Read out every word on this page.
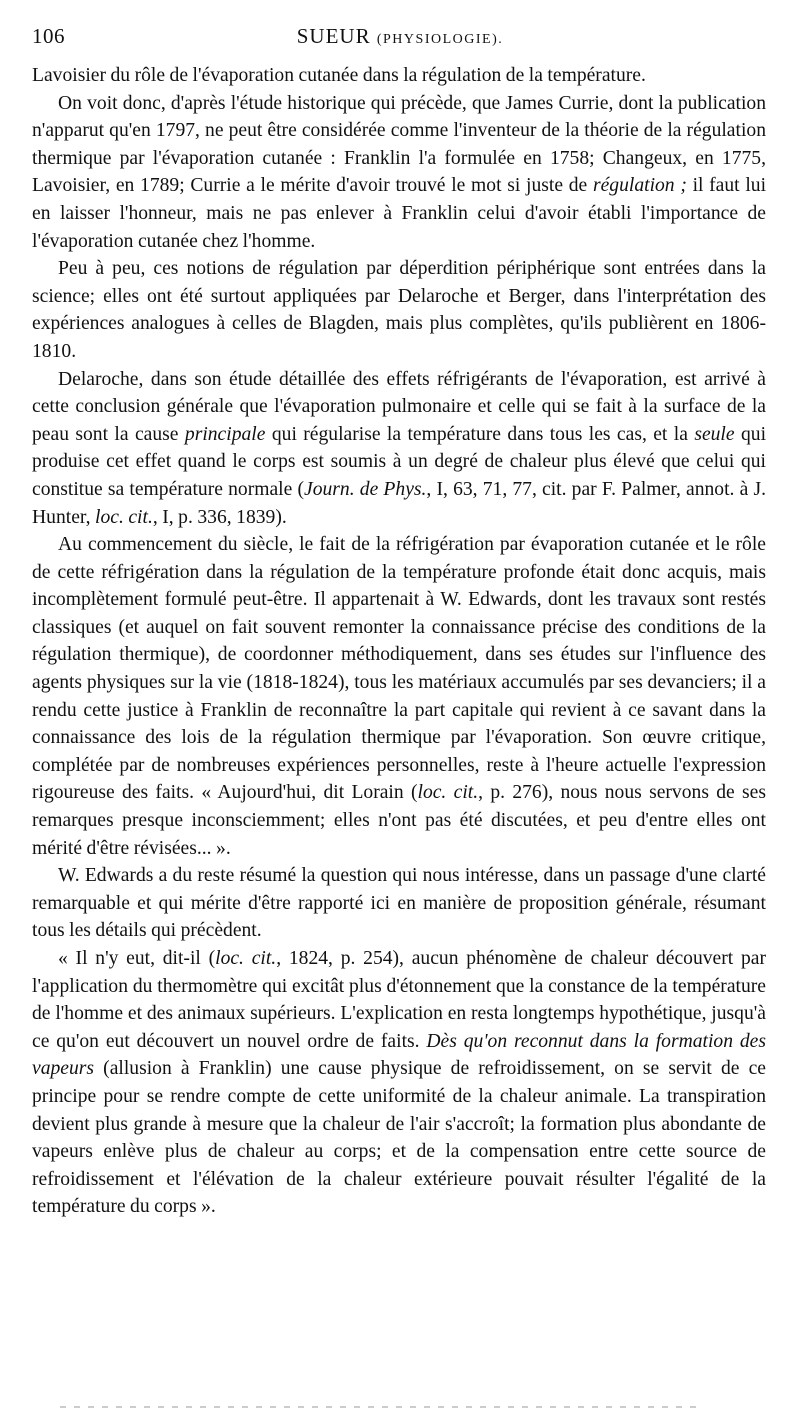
106	SUEUR (PHYSIOLOGIE).

Lavoisier du rôle de l'évaporation cutanée dans la régulation de la température.

On voit donc, d'après l'étude historique qui précède, que James Currie, dont la publication n'apparut qu'en 1797, ne peut être considérée comme l'inventeur de la théorie de la régulation thermique par l'évaporation cutanée : Franklin l'a formulée en 1758; Changeux, en 1775, Lavoisier, en 1789; Currie a le mérite d'avoir trouvé le mot si juste de régulation ; il faut lui en laisser l'honneur, mais ne pas enlever à Franklin celui d'avoir établi l'importance de l'évaporation cutanée chez l'homme.

Peu à peu, ces notions de régulation par déperdition périphérique sont entrées dans la science; elles ont été surtout appliquées par Delaroche et Berger, dans l'interprétation des expériences analogues à celles de Blagden, mais plus complètes, qu'ils publièrent en 1806-1810.

Delaroche, dans son étude détaillée des effets réfrigérants de l'évaporation, est arrivé à cette conclusion générale que l'évaporation pulmonaire et celle qui se fait à la surface de la peau sont la cause principale qui régularise la température dans tous les cas, et la seule qui produise cet effet quand le corps est soumis à un degré de chaleur plus élevé que celui qui constitue sa température normale (Journ. de Phys., I, 63, 71, 77, cit. par F. Palmer, annot. à J. Hunter, loc. cit., I, p. 336, 1839).

Au commencement du siècle, le fait de la réfrigération par évaporation cutanée et le rôle de cette réfrigération dans la régulation de la température profonde était donc acquis, mais incomplètement formulé peut-être. Il appartenait à W. Edwards, dont les travaux sont restés classiques (et auquel on fait souvent remonter la connaissance précise des conditions de la régulation thermique), de coordonner méthodiquement, dans ses études sur l'influence des agents physiques sur la vie (1818-1824), tous les matériaux accumulés par ses devanciers; il a rendu cette justice à Franklin de reconnaître la part capitale qui revient à ce savant dans la connaissance des lois de la régulation thermique par l'évaporation. Son œuvre critique, complétée par de nombreuses expériences personnelles, reste à l'heure actuelle l'expression rigoureuse des faits. « Aujourd'hui, dit Lorain (loc. cit., p. 276), nous nous servons de ses remarques presque inconsciemment; elles n'ont pas été discutées, et peu d'entre elles ont mérité d'être révisées... ».

W. Edwards a du reste résumé la question qui nous intéresse, dans un passage d'une clarté remarquable et qui mérite d'être rapporté ici en manière de proposition générale, résumant tous les détails qui précèdent.

« Il n'y eut, dit-il (loc. cit., 1824, p. 254), aucun phénomène de chaleur découvert par l'application du thermomètre qui excitât plus d'étonnement que la constance de la température de l'homme et des animaux supérieurs. L'explication en resta longtemps hypothétique, jusqu'à ce qu'on eut découvert un nouvel ordre de faits. Dès qu'on reconnut dans la formation des vapeurs (allusion à Franklin) une cause physique de refroidissement, on se servit de ce principe pour se rendre compte de cette uniformité de la chaleur animale. La transpiration devient plus grande à mesure que la chaleur de l'air s'accroît; la formation plus abondante de vapeurs enlève plus de chaleur au corps; et de la compensation entre cette source de refroidissement et l'élévation de la chaleur extérieure pouvait résulter l'égalité de la température du corps ».
